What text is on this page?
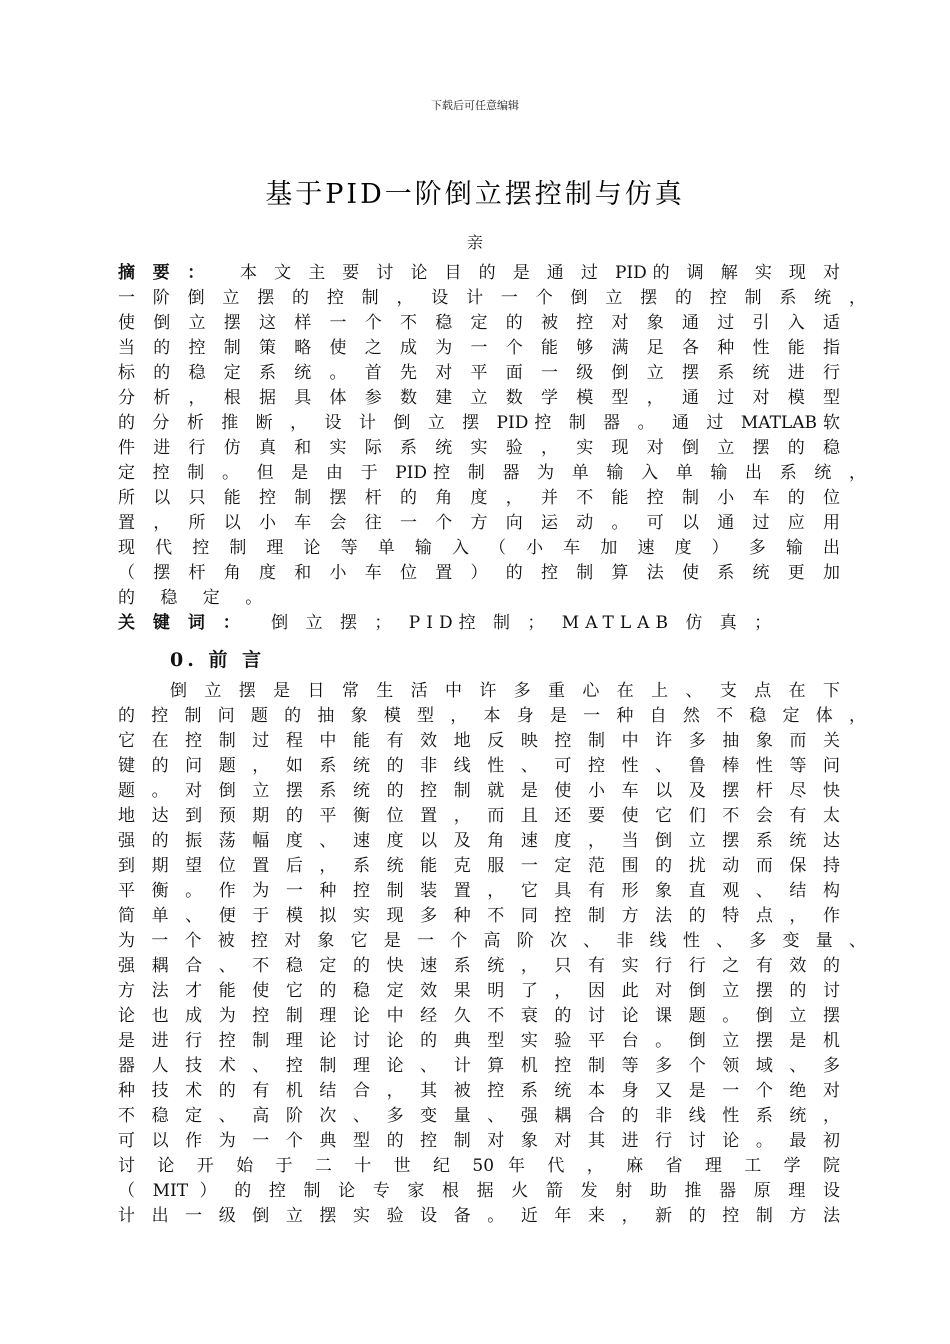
下载后可任意编辑
基于PID一阶倒立摆控制与仿真
亲
摘 要 ： 本 文 主 要 讨 论 目 的 是 通 过 PID的 调 解 实 现 对
一 阶 倒 立 摆 的 控 制 ， 设 计 一 个 倒 立 摆 的 控 制 系 统 ，
使 倒 立 摆 这 样 一 个 不 稳 定 的 被 控 对 象 通 过 引 入 适
当 的 控 制 策 略 使 之 成 为 一 个 能 够 满 足 各 种 性 能 指
标 的 稳 定 系 统 。 首 先 对 平 面 一 级 倒 立 摆 系 统 进 行
分 析 ， 根 据 具 体 参 数 建 立 数 学 模 型 ， 通 过 对 模 型
的 分 析 推 断 ， 设 计 倒 立 摆 PID控 制 器 。 通 过 MATLAB软
件 进 行 仿 真 和 实 际 系 统 实 验 ， 实 现 对 倒 立 摆 的 稳
定 控 制 。 但 是 由 于 PID控 制 器 为 单 输 入 单 输 出 系 统 ，
所 以 只 能 控 制 摆 杆 的 角 度 ， 并 不 能 控 制 小 车 的 位
置 ， 所 以 小 车 会 往 一 个 方 向 运 动 。 可 以 通 过 应 用
现 代 控 制 理 论 等 单 输 入 （ 小 车 加 速 度 ） 多 输 出
（ 摆 杆 角 度 和 小 车 位 置 ） 的 控 制 算 法 使 系 统 更 加
的 稳 定 。
关 键 词 ： 倒 立 摆 ； PID控 制 ； MATLAB 仿 真 ；
0. 前 言
倒 立 摆 是 日 常 生 活 中 许 多 重 心 在 上 、 支 点 在 下
的 控 制 问 题 的 抽 象 模 型 ， 本 身 是 一 种 自 然 不 稳 定 体 ，
它 在 控 制 过 程 中 能 有 效 地 反 映 控 制 中 许 多 抽 象 而 关
键 的 问 题 ， 如 系 统 的 非 线 性 、 可 控 性 、 鲁 棒 性 等 问
题 。 对 倒 立 摆 系 统 的 控 制 就 是 使 小 车 以 及 摆 杆 尽 快
地 达 到 预 期 的 平 衡 位 置 ， 而 且 还 要 使 它 们 不 会 有 太
强 的 振 荡 幅 度 、 速 度 以 及 角 速 度 ， 当 倒 立 摆 系 统 达
到 期 望 位 置 后 ， 系 统 能 克 服 一 定 范 围 的 扰 动 而 保 持
平 衡 。 作 为 一 种 控 制 装 置 ， 它 具 有 形 象 直 观 、 结 构
简 单 、 便 于 模 拟 实 现 多 种 不 同 控 制 方 法 的 特 点 ， 作
为 一 个 被 控 对 象 它 是 一 个 高 阶 次 、 非 线 性 、 多 变 量 、
强 耦 合 、 不 稳 定 的 快 速 系 统 ， 只 有 实 行 行 之 有 效 的
方 法 才 能 使 它 的 稳 定 效 果 明 了 ， 因 此 对 倒 立 摆 的 讨
论 也 成 为 控 制 理 论 中 经 久 不 衰 的 讨 论 课 题 。 倒 立 摆
是 进 行 控 制 理 论 讨 论 的 典 型 实 验 平 台 。 倒 立 摆 是 机
器 人 技 术 、 控 制 理 论 、 计 算 机 控 制 等 多 个 领 域 、 多
种 技 术 的 有 机 结 合 ， 其 被 控 系 统 本 身 又 是 一 个 绝 对
不 稳 定 、 高 阶 次 、 多 变 量 、 强 耦 合 的 非 线 性 系 统 ，
可 以 作 为 一 个 典 型 的 控 制 对 象 对 其 进 行 讨 论 。 最 初
讨 论 开 始 于 二 十 世 纪 50 年 代 ， 麻 省 理 工 学 院
（ MIT ） 的 控 制 论 专 家 根 据 火 箭 发 射 助 推 器 原 理 设
计 出 一 级 倒 立 摆 实 验 设 备 。 近 年 来 ， 新 的 控 制 方 法
